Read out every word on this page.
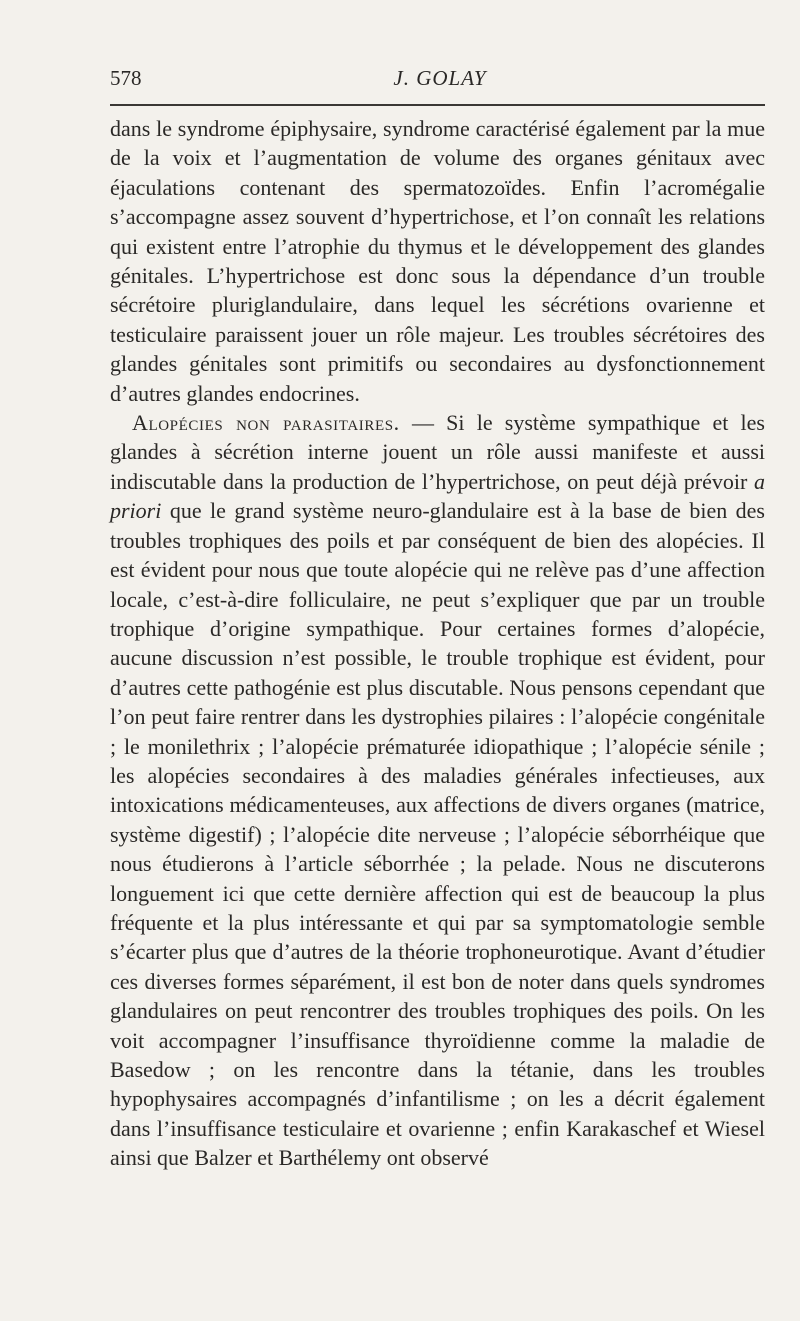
578	J. GOLAY

dans le syndrome épiphysaire, syndrome caractérisé également par la mue de la voix et l’augmentation de volume des organes génitaux avec éjaculations contenant des spermatozoïdes. Enfin l’acromégalie s’accompagne assez souvent d’hypertrichose, et l’on connaît les relations qui existent entre l’atrophie du thymus et le développement des glandes génitales. L’hypertrichose est donc sous la dépendance d’un trouble sécrétoire pluriglandulaire, dans lequel les sécrétions ovarienne et testiculaire paraissent jouer un rôle majeur. Les troubles sécrétoires des glandes génitales sont primitifs ou secondaires au dysfonctionnement d’autres glandes endocrines.

Alopécies non parasitaires. — Si le système sympathique et les glandes à sécrétion interne jouent un rôle aussi manifeste et aussi indiscutable dans la production de l’hypertrichose, on peut déjà prévoir a priori que le grand système neuro-glandulaire est à la base de bien des troubles trophiques des poils et par conséquent de bien des alopécies. Il est évident pour nous que toute alopécie qui ne relève pas d’une affection locale, c’est-à-dire folliculaire, ne peut s’expliquer que par un trouble trophique d’origine sympathique. Pour certaines formes d’alopécie, aucune discussion n’est possible, le trouble trophique est évident, pour d’autres cette pathogénie est plus discutable. Nous pensons cependant que l’on peut faire rentrer dans les dystrophies pilaires : l’alopécie congénitale ; le monilethrix ; l’alopécie prématurée idiopathique ; l’alopécie sénile ; les alopécies secondaires à des maladies générales infectieuses, aux intoxications médicamenteuses, aux affections de divers organes (matrice, système digestif) ; l’alopécie dite nerveuse ; l’alopécie séborrhéique que nous étudierons à l’article séborrhée ; la pelade. Nous ne discuterons longuement ici que cette dernière affection qui est de beaucoup la plus fréquente et la plus intéressante et qui par sa symptomatologie semble s’écarter plus que d’autres de la théorie trophoneurotique. Avant d’étudier ces diverses formes séparément, il est bon de noter dans quels syndromes glandulaires on peut rencontrer des troubles trophiques des poils. On les voit accompagner l’insuffisance thyroïdienne comme la maladie de Basedow ; on les rencontre dans la tétanie, dans les troubles hypophysaires accompagnés d’infantilisme ; on les a décrit également dans l’insuffisance testiculaire et ovarienne ; enfin Karakaschef et Wiesel ainsi que Balzer et Barthélemy ont observé
